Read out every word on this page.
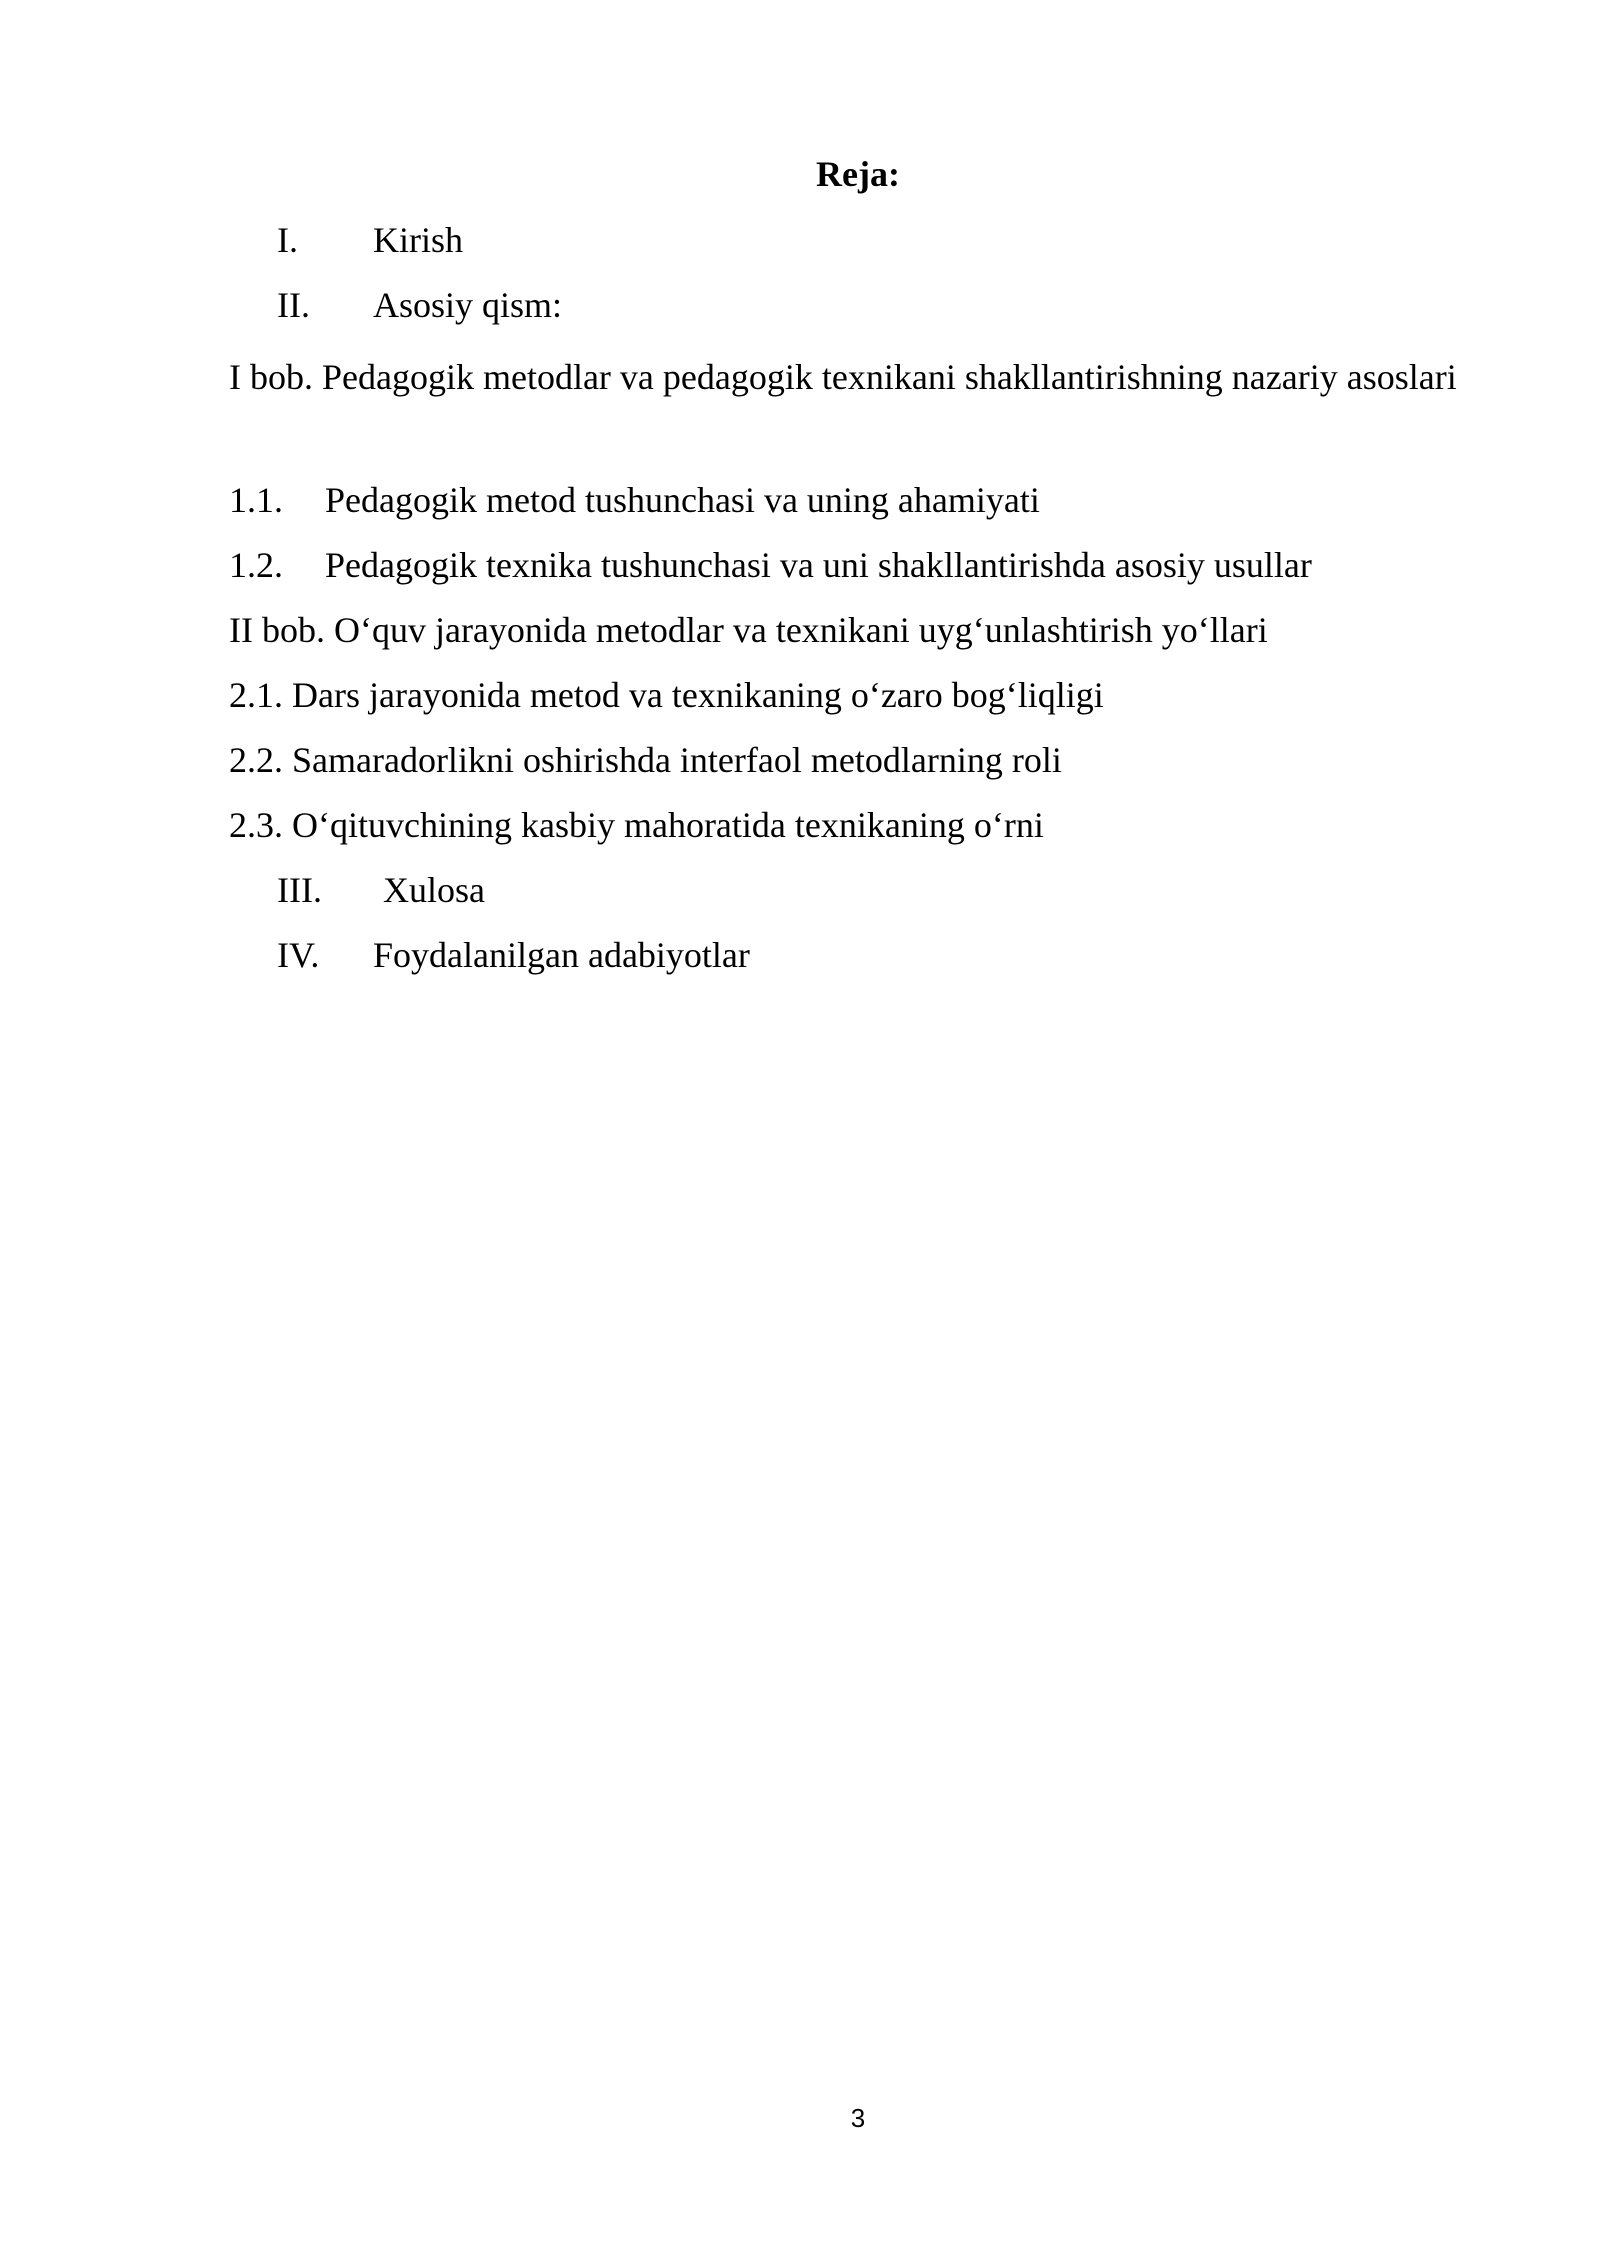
Reja:
I. Kirish
II. Asosiy qism:
I bob. Pedagogik metodlar va pedagogik texnikani shakllantirishning nazariy asoslari
1.1. Pedagogik metod tushunchasi va uning ahamiyati
1.2. Pedagogik texnika tushunchasi va uni shakllantirishda asosiy usullar
II bob. O‘quv jarayonida metodlar va texnikani uyg‘unlashtirish yo‘llari
2.1. Dars jarayonida metod va texnikaning o‘zaro bog‘liqligi
2.2. Samaradorlikni oshirishda interfaol metodlarning roli
2.3. O‘qituvchining kasbiy mahoratida texnikaning o‘rni
III. Xulosa
IV. Foydalanilgan adabiyotlar
3
